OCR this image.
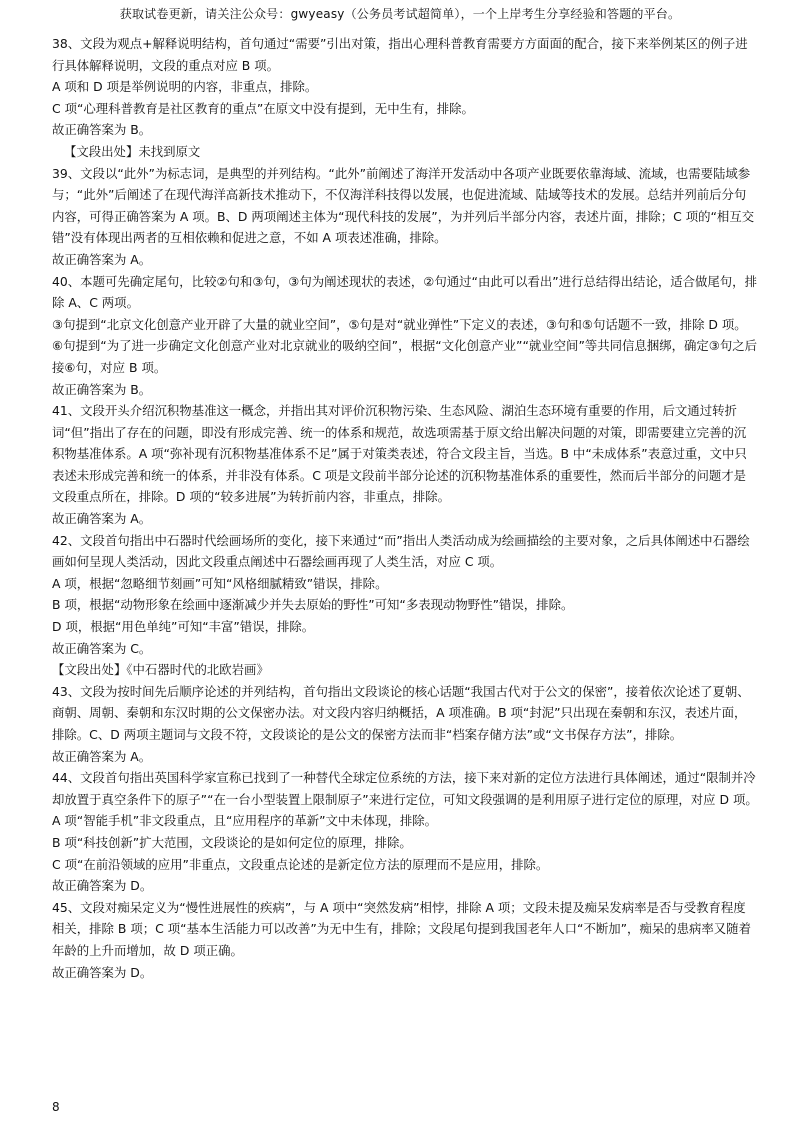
获取试卷更新，请关注公众号：gwyeasy（公务员考试超简单），一个上岸考生分享经验和答题的平台。

38、文段为观点+解释说明结构，首句通过“需要”引出对策，指出心理科普教育需要方方面面的配合，接下来举例某区的例子进行具体解释说明，文段的重点对应 B 项。

A 项和 D 项是举例说明的内容，非重点，排除。

C 项“心理科普教育是社区教育的重点”在原文中没有提到，无中生有，排除。

故正确答案为 B。

【文段出处】未找到原文

39、文段以“此外”为标志词，是典型的并列结构。“此外”前阐述了海洋开发活动中各项产业既要依靠海域、流域，也需要陆域参与；“此外”后阐述了在现代海洋高新技术推动下，不仅海洋科技得以发展，也促进流域、陆域等技术的发展。总结并列前后分句内容，可得正确答案为 A 项。B、D 两项阐述主体为“现代科技的发展”，为并列后半部分内容，表述片面，排除；C 项的“相互交错”没有体现出两者的互相依赖和促进之意，不如 A 项表述准确，排除。

故正确答案为 A。

40、本题可先确定尾句，比较②句和③句，③句为阐述现状的表述，②句通过“由此可以看出”进行总结得出结论，适合做尾句，排除 A、C 两项。

③句提到“北京文化创意产业开辟了大量的就业空间”，⑤句是对“就业弹性”下定义的表述，③句和⑤句话题不一致，排除 D 项。

⑥句提到“为了进一步确定文化创意产业对北京就业的吸纳空间”，根据“文化创意产业”“就业空间”等共同信息捆绑，确定③句之后接⑥句，对应 B 项。

故正确答案为 B。

41、文段开头介绍沉积物基准这一概念，并指出其对评价沉积物污染、生态风险、湖泊生态环境有重要的作用，后文通过转折词“但”指出了存在的问题，即没有形成完善、统一的体系和规范，故选项需基于原文给出解决问题的对策，即需要建立完善的沉积物基准体系。A 项“弥补现有沉积物基准体系不足”属于对策类表述，符合文段主旨，当选。B 中“未成体系”表意过重，文中只表述未形成完善和统一的体系，并非没有体系。C 项是文段前半部分论述的沉积物基准体系的重要性，然而后半部分的问题才是文段重点所在，排除。D 项的“较多进展”为转折前内容，非重点，排除。

故正确答案为 A。

42、文段首句指出中石器时代绘画场所的变化，接下来通过“而”指出人类活动成为绘画描绘的主要对象，之后具体阐述中石器绘画如何呈现人类活动，因此文段重点阐述中石器绘画再现了人类生活，对应 C 项。

A 项，根据“忽略细节刻画”可知“风格细腻精致”错误，排除。

B 项，根据“动物形象在绘画中逐渐减少并失去原始的野性”可知“多表现动物野性”错误，排除。

D 项，根据“用色单纯”可知“丰富”错误，排除。

故正确答案为 C。

【文段出处】《中石器时代的北欧岩画》

43、文段为按时间先后顺序论述的并列结构，首句指出文段谈论的核心话题“我国古代对于公文的保密”，接着依次论述了夏朝、商朝、周朝、秦朝和东汉时期的公文保密办法。对文段内容归纳概括，A 项准确。B 项“封泥”只出现在秦朝和东汉，表述片面，排除。C、D 两项主题词与文段不符，文段谈论的是公文的保密方法而非“档案存储方法”或“文书保存方法”，排除。

故正确答案为 A。

44、文段首句指出英国科学家宣称已找到了一种替代全球定位系统的方法，接下来对新的定位方法进行具体阐述，通过“限制并冷却放置于真空条件下的原子”“在一台小型装置上限制原子”来进行定位，可知文段强调的是利用原子进行定位的原理，对应 D 项。

A 项“智能手机”非文段重点，且“应用程序的革新”文中未体现，排除。

B 项“科技创新”扩大范围，文段谈论的是如何定位的原理，排除。

C 项“在前沿领域的应用”非重点，文段重点论述的是新定位方法的原理而不是应用，排除。

故正确答案为 D。

45、文段对痴呆定义为“慢性进展性的疾病”，与 A 项中“突然发病”相悖，排除 A 项；文段未提及痴呆发病率是否与受教育程度相关，排除 B 项；C 项“基本生活能力可以改善”为无中生有，排除；文段尾句提到我国老年人口“不断加”，痴呆的患病率又随着年龄的上升而增加，故 D 项正确。

故正确答案为 D。

8
